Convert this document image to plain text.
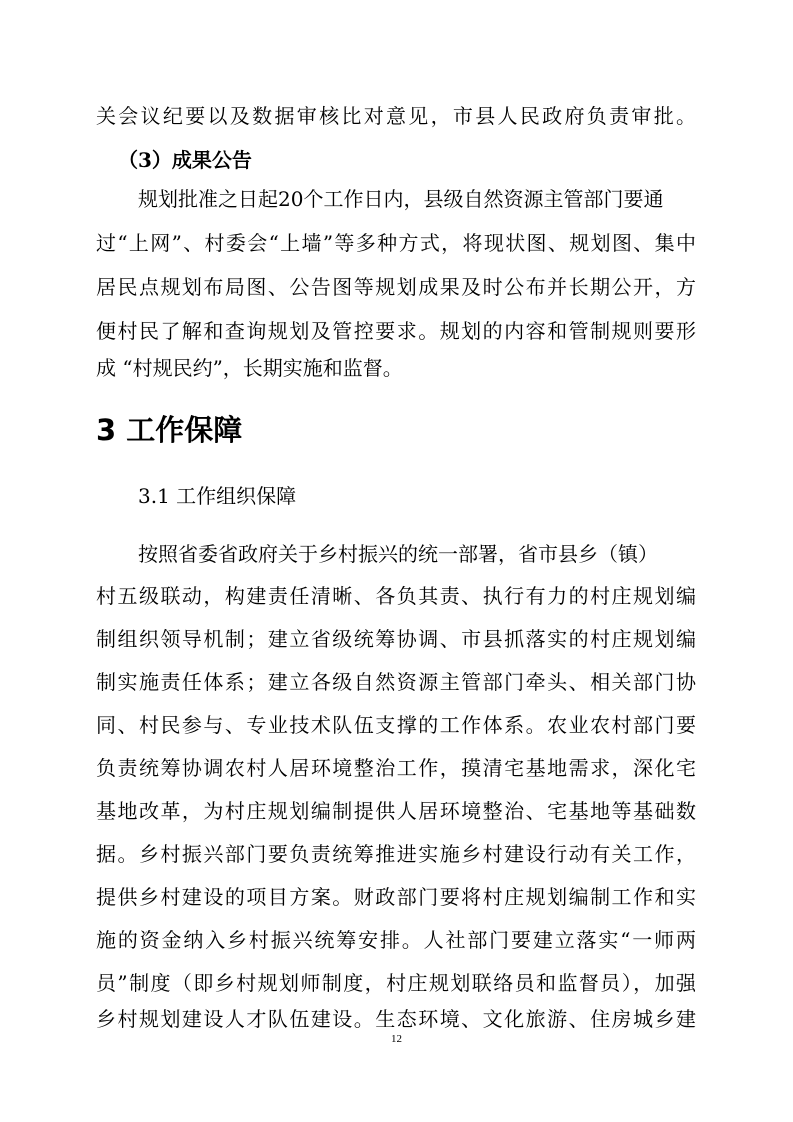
关会议纪要以及数据审核比对意见，市县人民政府负责审批。
（3）成果公告
规划批准之日起20个工作日内，县级自然资源主管部门要通
过“上网”、村委会“上墙”等多种方式，将现状图、规划图、集中
居民点规划布局图、公告图等规划成果及时公布并长期公开，方
便村民了解和查询规划及管控要求。规划的内容和管制规则要形
成 “村规民约”，长期实施和监督。
3 工作保障
3.1 工作组织保障
按照省委省政府关于乡村振兴的统一部署，省市县乡（镇）
村五级联动，构建责任清晰、各负其责、执行有力的村庄规划编
制组织领导机制；建立省级统筹协调、市县抓落实的村庄规划编
制实施责任体系；建立各级自然资源主管部门牵头、相关部门协
同、村民参与、专业技术队伍支撑的工作体系。农业农村部门要
负责统筹协调农村人居环境整治工作，摸清宅基地需求，深化宅
基地改革，为村庄规划编制提供人居环境整治、宅基地等基础数
据。乡村振兴部门要负责统筹推进实施乡村建设行动有关工作，
提供乡村建设的项目方案。财政部门要将村庄规划编制工作和实
施的资金纳入乡村振兴统筹安排。人社部门要建立落实“一师两
员”制度（即乡村规划师制度，村庄规划联络员和监督员），加强
乡村规划建设人才队伍建设。生态环境、文化旅游、住房城乡建
12
